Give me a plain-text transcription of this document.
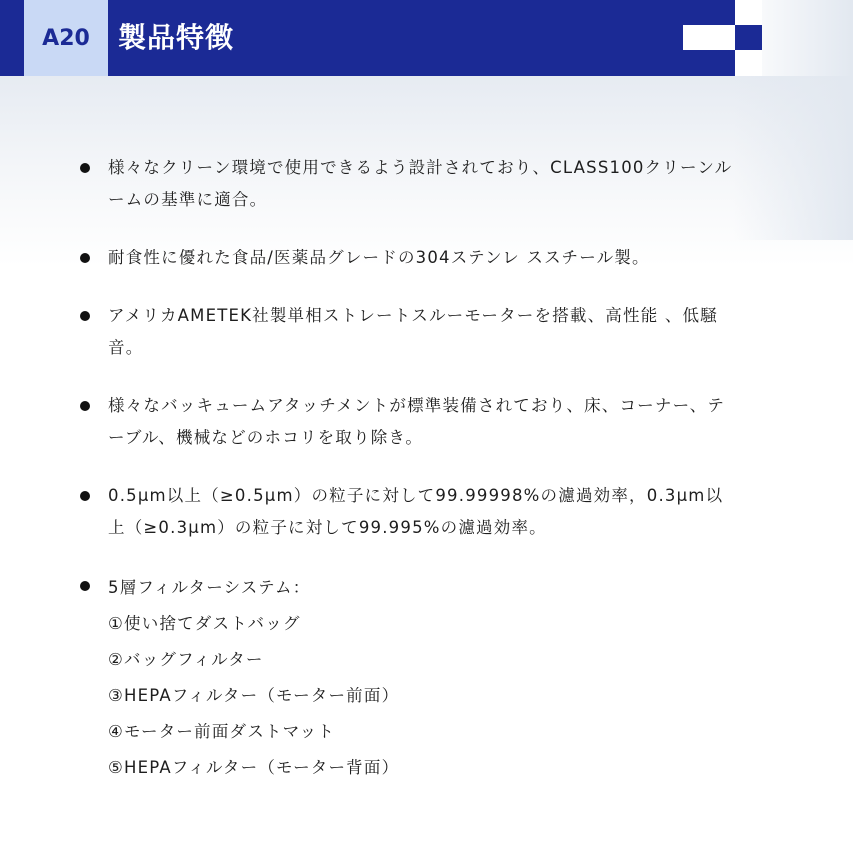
A20	製品特徴
様々なクリーン環境で使用できるよう設計されており、CLASS100クリーンルームの基準に適合。
耐食性に優れた食品/医薬品グレードの304ステンレ ススチール製。
アメリカAMETEK社製単相ストレートスルーモーターを搭載、高性能 、低騒音。
様々なバッキュームアタッチメントが標準装備されており、床、コーナー、テーブル、機械などのホコリを取り除き。
0.5μm以上（≥0.5μm）の粒子に対して99.99998%の濾過効率，0.3μm以上（≥0.3μm）の粒子に対して99.995%の濾過効率。
5層フィルターシステム：
①使い捨てダストバッグ
②バッグフィルター
③HEPAフィルター（モーター前面）
④モーター前面ダストマット
⑤HEPAフィルター（モーター背面）
